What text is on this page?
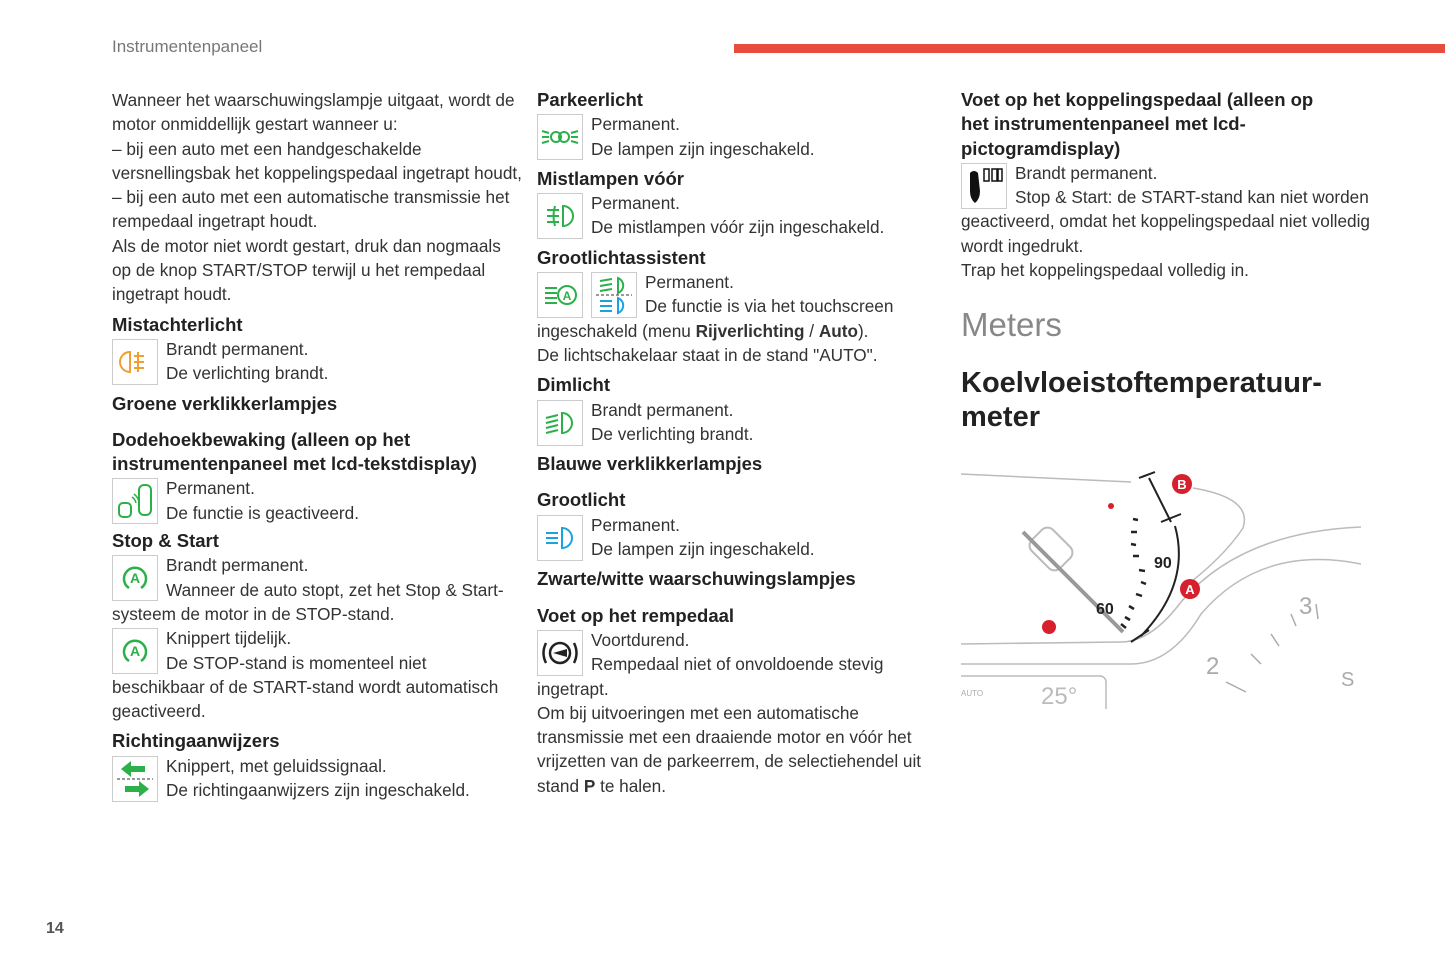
Instrumentenpaneel
14

Wanneer het waarschuwingslampje uitgaat, wordt de motor onmiddellijk gestart wanneer u:

– bij een auto met een handgeschakelde versnellingsbak het koppelingspedaal ingetrapt houdt,

– bij een auto met een automatische transmissie het rempedaal ingetrapt houdt.

Als de motor niet wordt gestart, druk dan nogmaals op de knop START/STOP terwijl u het rempedaal ingetrapt houdt.

Mistachterlicht

Brandt permanent.

De verlichting brandt.

Groene verklikkerlampjes
Dodehoekbewaking (alleen op het instrumentenpaneel met lcd-tekstdisplay)

Permanent.

De functie is geactiveerd.

Stop & Start
A

Brandt permanent.

Wanneer de auto stopt, zet het Stop & Start-systeem de motor in de STOP-stand.

A

Knippert tijdelijk.

De STOP-stand is momenteel niet beschikbaar of de START-stand wordt automatisch geactiveerd.

Richtingaanwijzers

Knippert, met geluidssignaal.

De richtingaanwijzers zijn ingeschakeld.

Parkeerlicht

Permanent.

De lampen zijn ingeschakeld.

Mistlampen vóór

Permanent.

De mistlampen vóór zijn ingeschakeld.

Grootlichtassistent
A

Permanent.

De functie is via het touchscreen ingeschakeld (menu Rijverlichting / Auto).

De lichtschakelaar staat in de stand "AUTO".

Dimlicht

Brandt permanent.

De verlichting brandt.

Blauwe verklikkerlampjes
Grootlicht

Permanent.

De lampen zijn ingeschakeld.

Zwarte/witte waarschuwingslampjes
Voet op het rempedaal

Voortdurend.

Rempedaal niet of onvoldoende stevig ingetrapt.

Om bij uitvoeringen met een automatische transmissie met een draaiende motor en vóór het vrijzetten van de parkeerrem, de selectiehendel uit stand P te halen.

Voet op het koppelingspedaal (alleen op het instrumentenpaneel met lcd-pictogramdisplay)

Brandt permanent.

Stop & Start: de START-stand kan niet worden geactiveerd, omdat het koppelingspedaal niet volledig wordt ingedrukt.

Trap het koppelingspedaal volledig in.

Meters
Koelvloeistoftemperatuur-meter
AUTO 25°
90
60
B
A
3
2	S
